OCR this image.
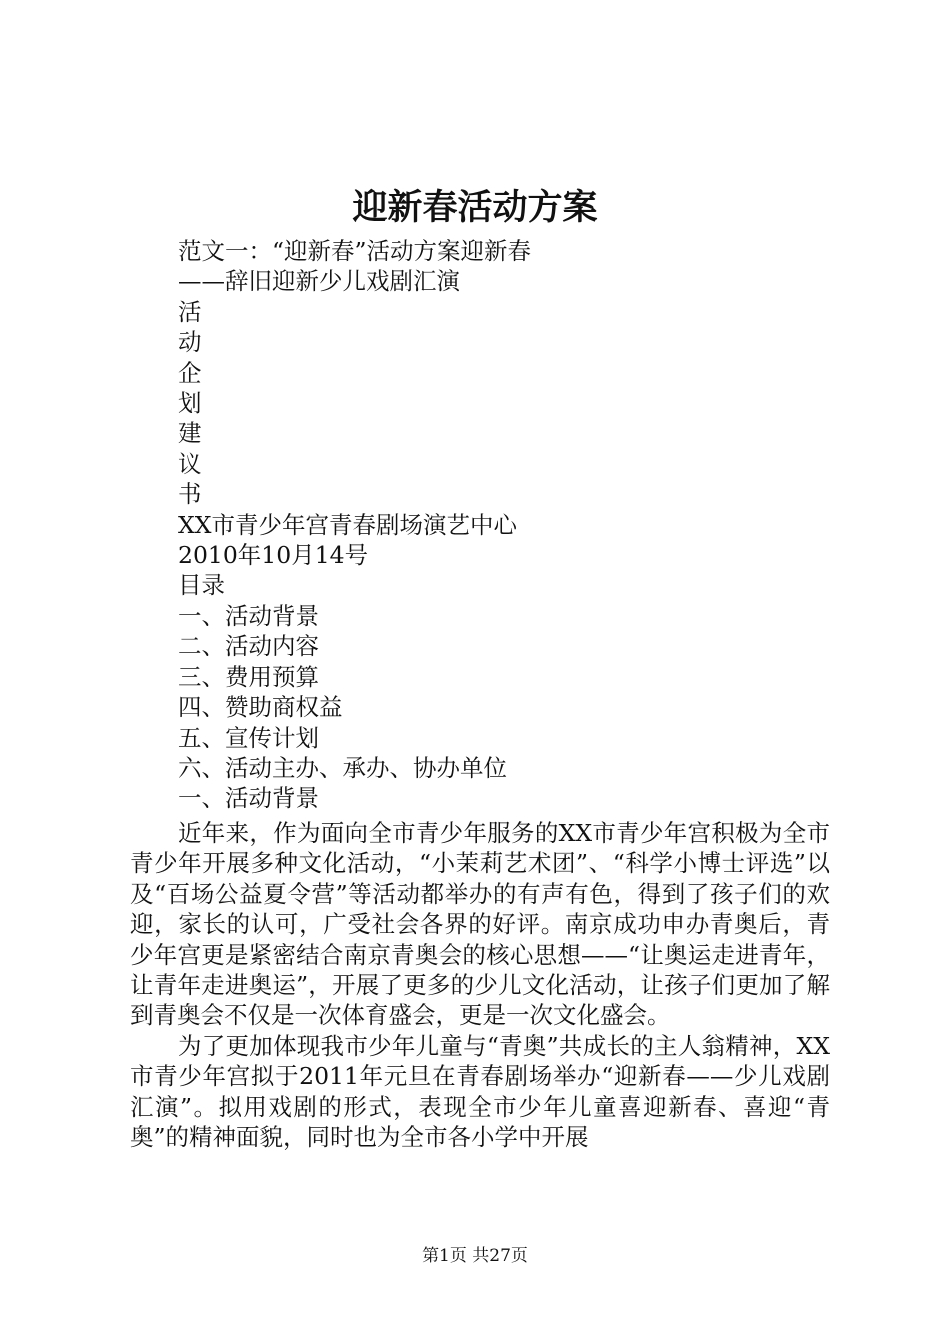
迎新春活动方案
范文一：“迎新春”活动方案迎新春
——辞旧迎新少儿戏剧汇演
活
动
企
划
建
议
书
XX市青少年宫青春剧场演艺中心
2010年10月14号
目录
一、活动背景
二、活动内容
三、费用预算
四、赞助商权益
五、宣传计划
六、活动主办、承办、协办单位
一、活动背景

近年来，作为面向全市青少年服务的XX市青少年宫积极为全市青少年开展多种文化活动，“小茉莉艺术团”、“科学小博士评选”以及“百场公益夏令营”等活动都举办的有声有色，得到了孩子们的欢迎，家长的认可，广受社会各界的好评。南京成功申办青奥后，青少年宫更是紧密结合南京青奥会的核心思想——“让奥运走进青年，让青年走进奥运”，开展了更多的少儿文化活动，让孩子们更加了解到青奥会不仅是一次体育盛会，更是一次文化盛会。

为了更加体现我市少年儿童与“青奥”共成长的主人翁精神，XX市青少年宫拟于2011年元旦在青春剧场举办“迎新春——少儿戏剧汇演”。拟用戏剧的形式，表现全市少年儿童喜迎新春、喜迎“青奥”的精神面貌，同时也为全市各小学中开展

第1页 共27页
